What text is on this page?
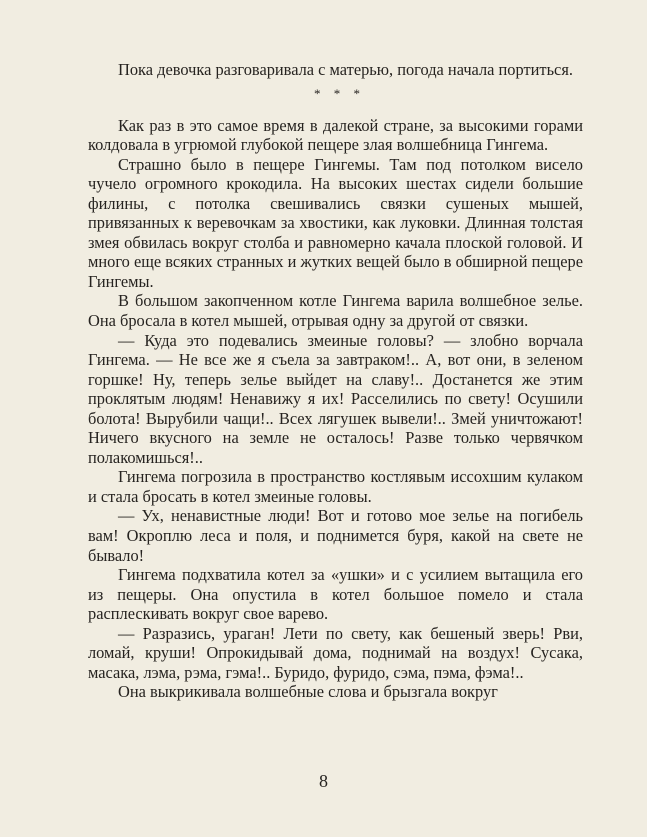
Пока девочка разговаривала с матерью, погода начала портиться.

* * *

Как раз в это самое время в далекой стране, за высокими горами колдовала в угрюмой глубокой пещере злая волшебница Гингема.

Страшно было в пещере Гингемы. Там под потолком висело чучело огромного крокодила. На высоких шестах сидели большие филины, с потолка свешивались связки сушеных мышей, привязанных к веревочкам за хвостики, как луковки. Длинная толстая змея обвилась вокруг столба и равномерно качала плоской головой. И много еще всяких странных и жутких вещей было в обширной пещере Гингемы.

В большом закопченном котле Гингема варила волшебное зелье. Она бросала в котел мышей, отрывая одну за другой от связки.

— Куда это подевались змеиные головы? — злобно ворчала Гингема. — Не все же я съела за завтраком!.. А, вот они, в зеленом горшке! Ну, теперь зелье выйдет на славу!.. Достанется же этим проклятым людям! Ненавижу я их! Расселились по свету! Осушили болота! Вырубили чащи!.. Всех лягушек вывели!.. Змей уничтожают! Ничего вкусного на земле не осталось! Разве только червячком полакомишься!..

Гингема погрозила в пространство костлявым иссохшим кулаком и стала бросать в котел змеиные головы.

— Ух, ненавистные люди! Вот и готово мое зелье на погибель вам! Окроплю леса и поля, и поднимется буря, какой на свете не бывало!

Гингема подхватила котел за «ушки» и с усилием вытащила его из пещеры. Она опустила в котел большое помело и стала расплескивать вокруг свое варево.

— Разразись, ураган! Лети по свету, как бешеный зверь! Рви, ломай, круши! Опрокидывай дома, поднимай на воздух! Сусака, масака, лэма, рэма, гэма!.. Буридо, фуридо, сэма, пэма, фэма!..

Она выкрикивала волшебные слова и брызгала вокруг

8
